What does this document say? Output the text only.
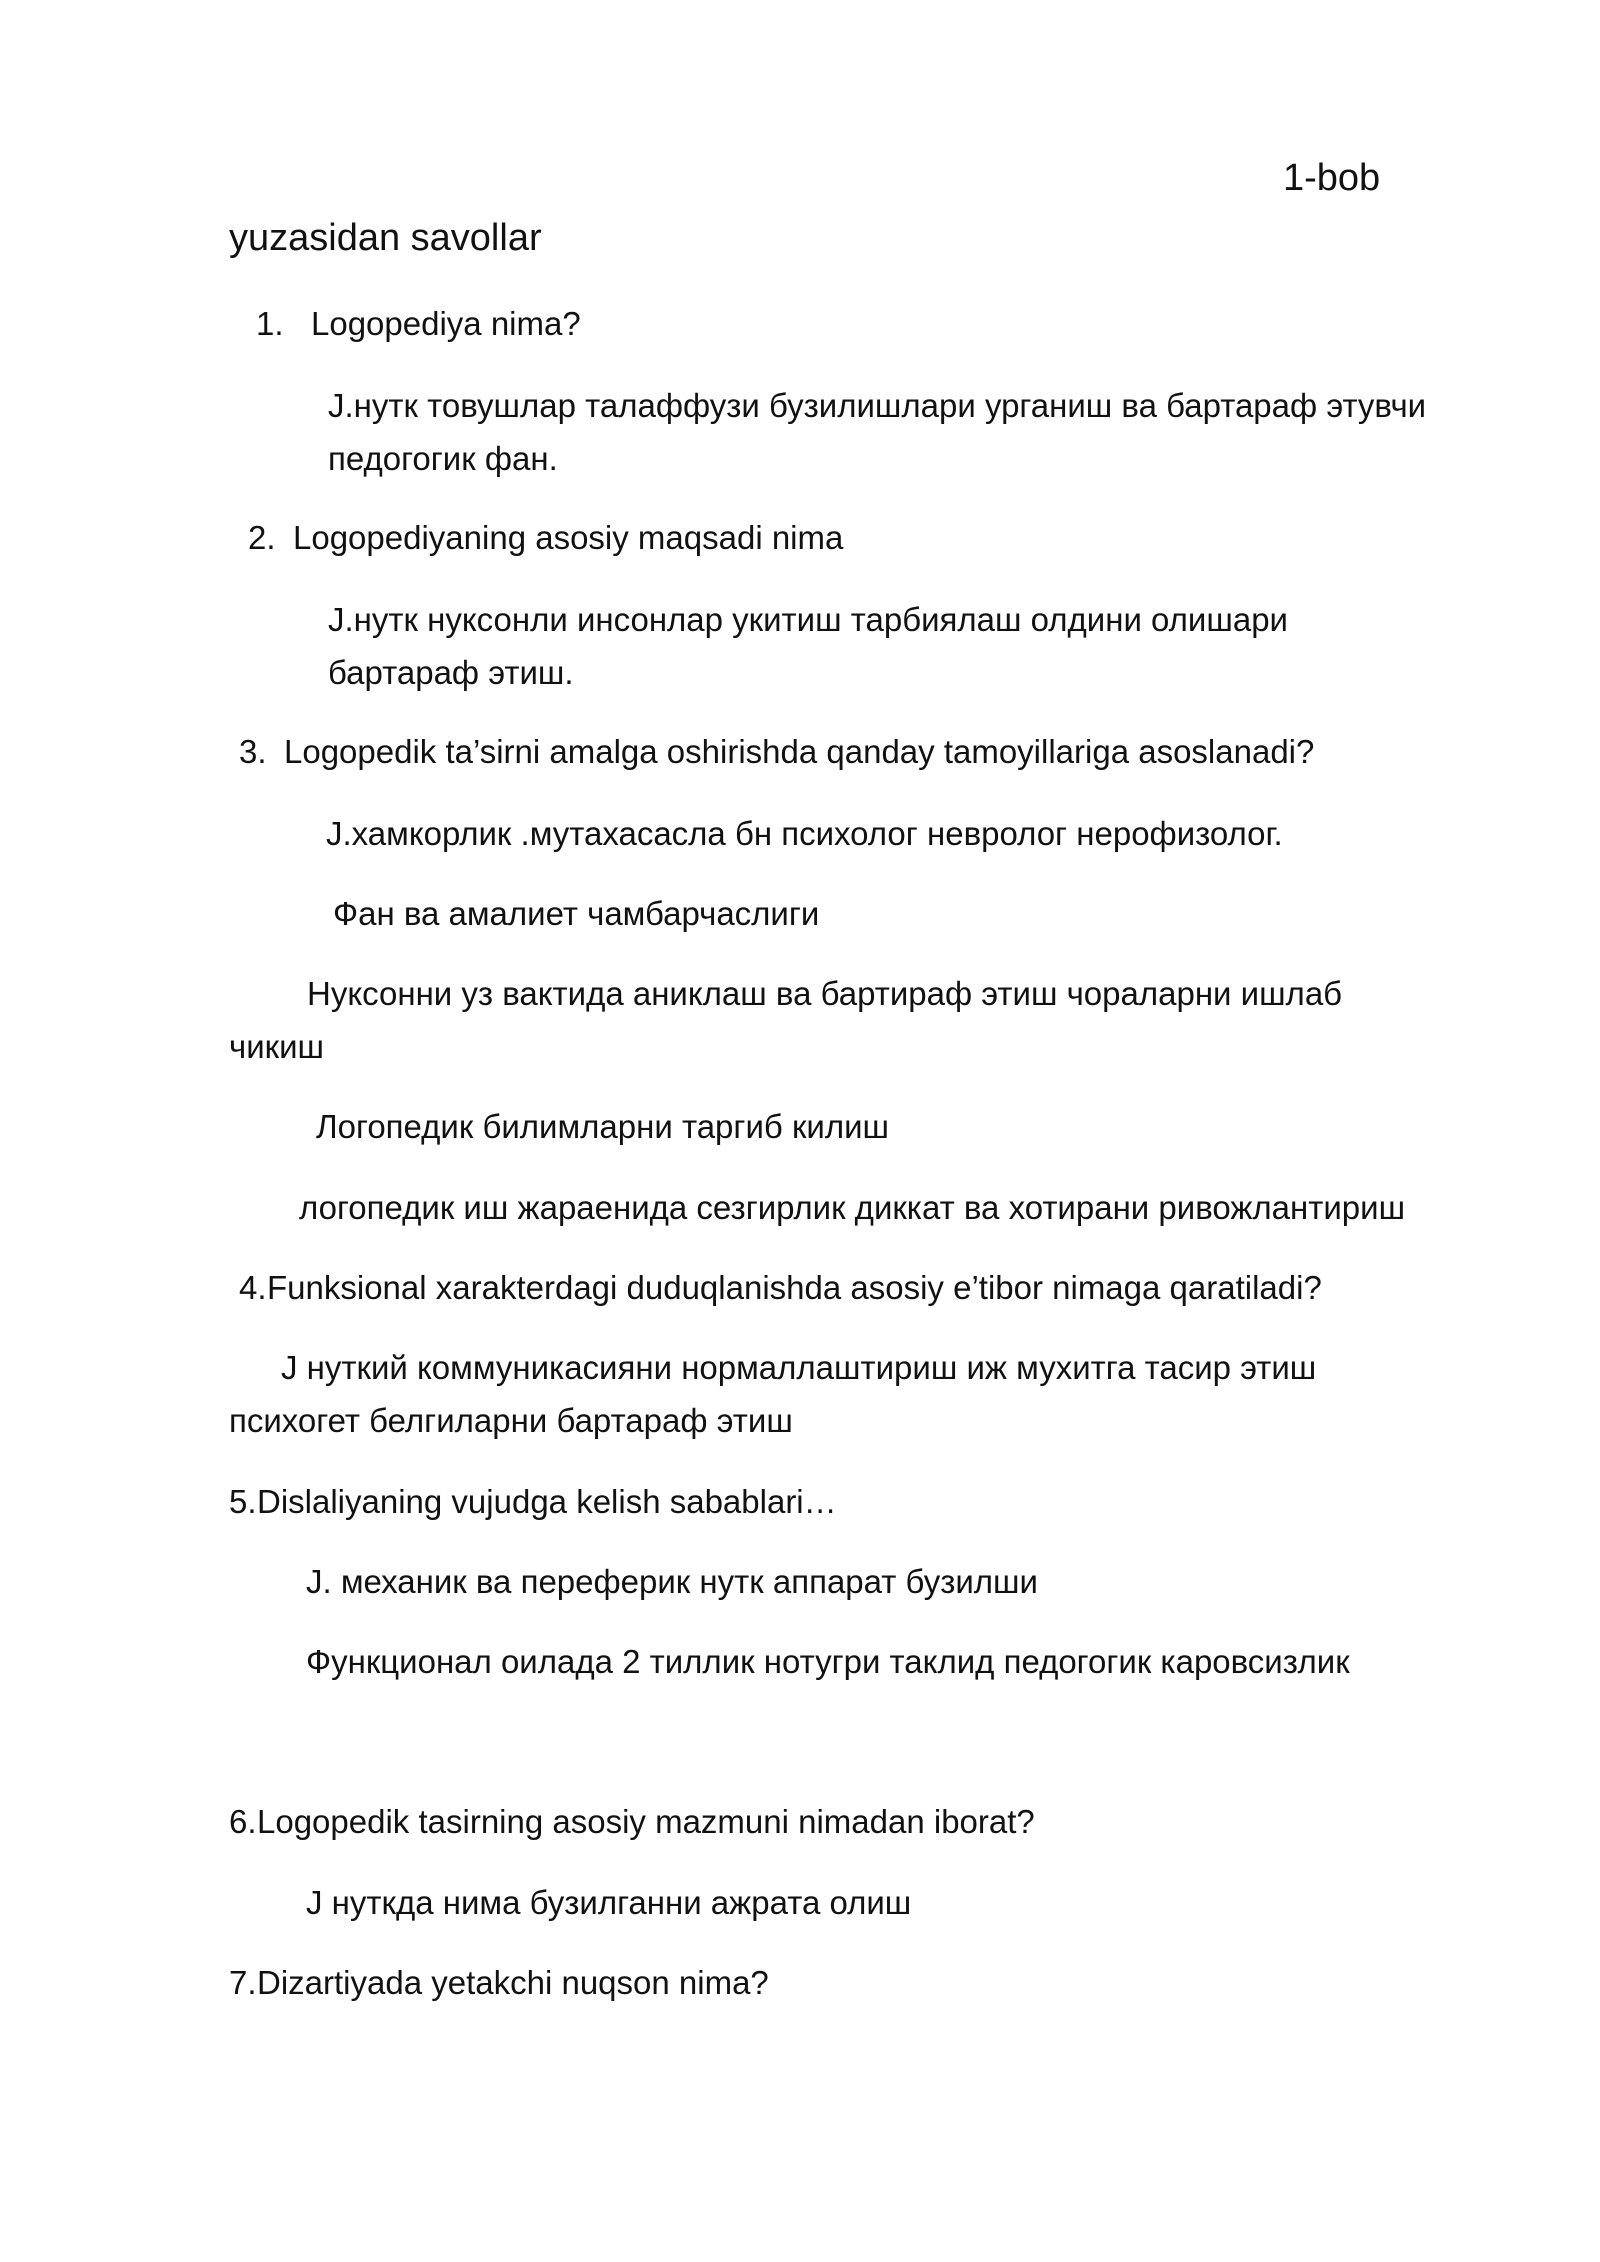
1-bob
yuzasidan savollar
1. Logopediya nima?
J.нутк товушлар талаффузи бузилишлари урганиш ва бартараф этувчи
педогогик фан.
2. Logopediyaning asosiy maqsadi nima
J.нутк нуксонли инсонлар укитиш тарбиялаш олдини олишари
бартараф этиш.
3. Logopedik ta’sirni amalga oshirishda qanday tamoyillariga asoslanadi?
J.хамкорлик .мутахасасла бн психолог невролог нерофизолог.
Фан ва амалиет чамбарчаслиги
Нуксонни уз вактида аниклаш ва бартираф этиш чораларни ишлаб
чикиш
Логопедик билимларни таргиб килиш
логопедик иш жараенида сезгирлик диккат ва хотирани ривожлантириш
4. Funksional xarakterdagi duduqlanishda asosiy e’tibor nimaga qaratiladi?
J нуткий коммуникасияни нормаллаштириш иж мухитга тасир этиш
психогет белгиларни бартараф этиш
5. Dislaliyaning vujudga kelish sabablari…
J. механик ва переферик нутк аппарат бузилши
Функционал оилада 2 тиллик нотугри таклид педогогик каровсизлик
6. Logopedik tasirning asosiy mazmuni nimadan iborat?
J нуткда нима бузилганни ажрата олиш
7. Dizartiyada yetakchi nuqson nima?
